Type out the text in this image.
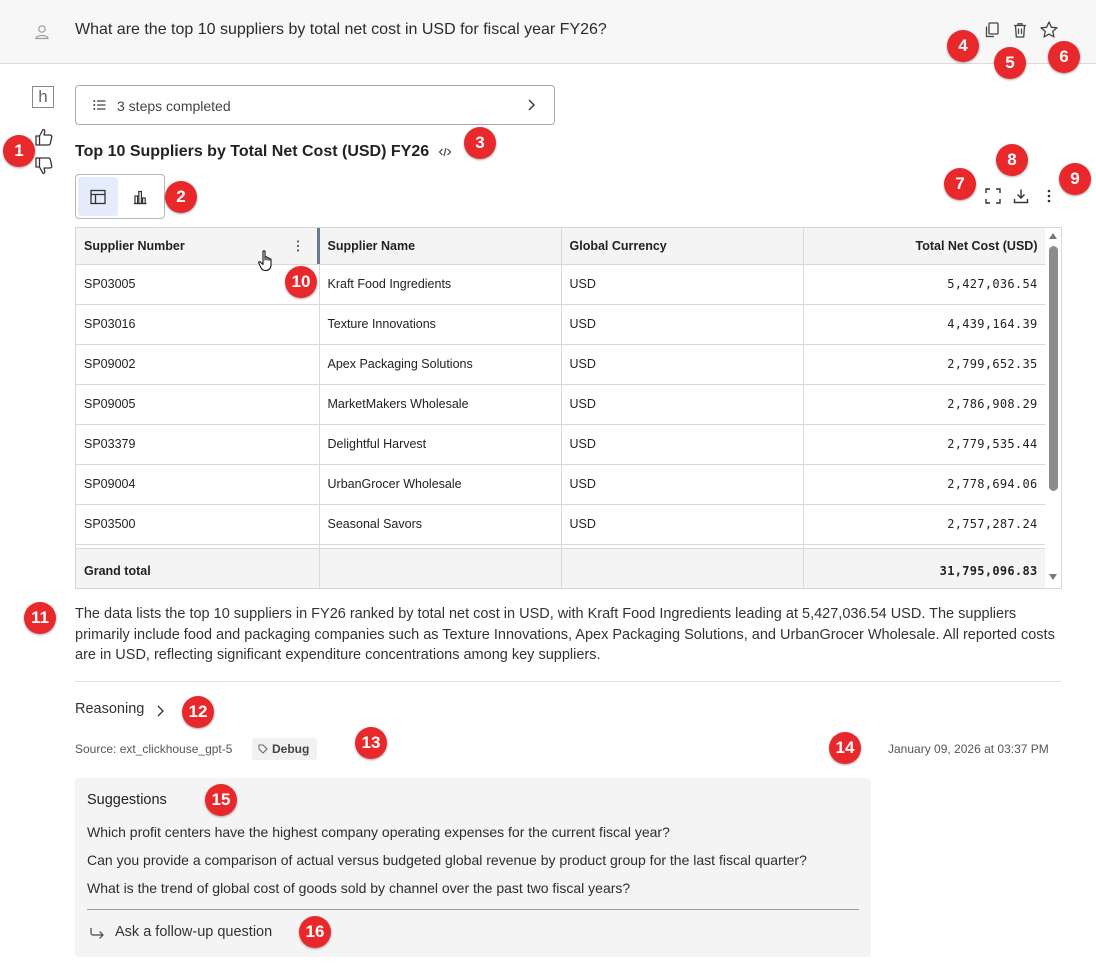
What are the top 10 suppliers by total net cost in USD for fiscal year FY26?
h	3 steps completed
Top 10 Suppliers by Total Net Cost (USD) FY26
Supplier Number	Supplier Name	Global Currency	Total Net Cost (USD)
SP03005	Kraft Food Ingredients	USD	5,427,036.54
SP03016	Texture Innovations	USD	4,439,164.39
SP09002	Apex Packaging Solutions	USD	2,799,652.35
SP09005	MarketMakers Wholesale	USD	2,786,908.29
SP03379	Delightful Harvest	USD	2,779,535.44
SP09004	UrbanGrocer Wholesale	USD	2,778,694.06
SP03500	Seasonal Savors	USD	2,757,287.24

Grand total			31,795,096.83
The data lists the top 10 suppliers in FY26 ranked by total net cost in USD, with Kraft Food Ingredients leading at 5,427,036.54 USD. The suppliers primarily include food and packaging companies such as Texture Innovations, Apex Packaging Solutions, and UrbanGrocer Wholesale. All reported costs are in USD, reflecting significant expenditure concentrations among key suppliers.
Reasoning
Source: ext_clickhouse_gpt-5	Debug	January 09, 2026 at 03:37 PM
Suggestions
Which profit centers have the highest company operating expenses for the current fiscal year?
Can you provide a comparison of actual versus budgeted global revenue by product group for the last fiscal quarter?
What is the trend of global cost of goods sold by channel over the past two fiscal years?
Ask a follow-up question
1
2
3
4
5	6
7
8
9
10
11
12
13	14
15
16
